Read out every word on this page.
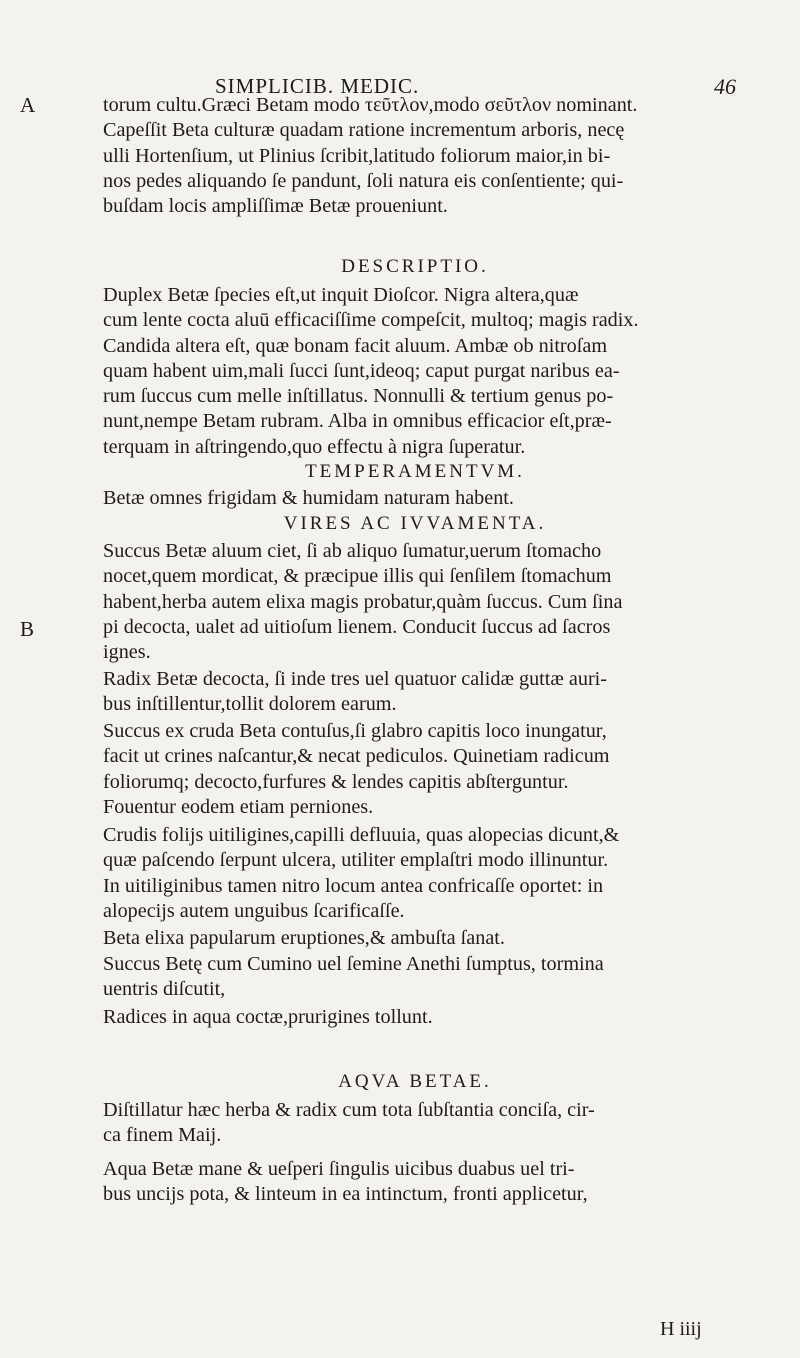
SIMPLICIB. MEDIC.	46
A
B

torum cultu.Græci Betam modo τεῦτλον,modo σεῦτλον nominant.
Capeſſit Beta culturæ quadam ratione incrementum arboris, necę
ulli Hortenſium, ut Plinius ſcribit,latitudo foliorum maior,in bi-
nos pedes aliquando ſe pandunt, ſoli natura eis conſentiente; qui-
buſdam locis ampliſſimæ Betæ proueniunt.

DESCRIPTIO.

Duplex Betæ ſpecies eſt,ut inquit Dioſcor. Nigra altera,quæ
cum lente cocta aluū efficaciſſime compeſcit, multoq; magis radix.
Candida altera eſt, quæ bonam facit aluum. Ambæ ob nitroſam
quam habent uim,mali ſucci ſunt,ideoq; caput purgat naribus ea-
rum ſuccus cum melle inſtillatus. Nonnulli & tertium genus po-
nunt,nempe Betam rubram. Alba in omnibus efficacior eſt,præ-
terquam in aſtringendo,quo effectu à nigra ſuperatur.

TEMPERAMENTVM.

Betæ omnes frigidam & humidam naturam habent.

VIRES AC IVVAMENTA.

Succus Betæ aluum ciet, ſi ab aliquo ſumatur,uerum ſtomacho
nocet,quem mordicat, & præcipue illis qui ſenſilem ſtomachum
habent,herba autem elixa magis probatur,quàm ſuccus. Cum ſina
pi decocta, ualet ad uitioſum lienem. Conducit ſuccus ad ſacros
ignes.

Radix Betæ decocta, ſi inde tres uel quatuor calidæ guttæ auri-
bus inſtillentur,tollit dolorem earum.

Succus ex cruda Beta contuſus,ſi glabro capitis loco inungatur,
facit ut crines naſcantur,& necat pediculos. Quinetiam radicum
foliorumq; decocto,furfures & lendes capitis abſterguntur.
Fouentur eodem etiam perniones.

Crudis folijs uitiligines,capilli defluuia, quas alopecias dicunt,&
quæ paſcendo ſerpunt ulcera, utiliter emplaſtri modo illinuntur.
In uitiliginibus tamen nitro locum antea confricaſſe oportet: in
alopecijs autem unguibus ſcarificaſſe.

Beta elixa papularum eruptiones,& ambuſta ſanat.

Succus Betę cum Cumino uel ſemine Anethi ſumptus, tormina
uentris diſcutit,

Radices in aqua coctæ,prurigines tollunt.

AQVA BETAE.

Diſtillatur hæc herba & radix cum tota ſubſtantia conciſa, cir-
ca finem Maij.

Aqua Betæ mane & ueſperi ſingulis uicibus duabus uel tri-
bus uncijs pota, & linteum in ea intinctum, fronti applicetur,

H iiij
